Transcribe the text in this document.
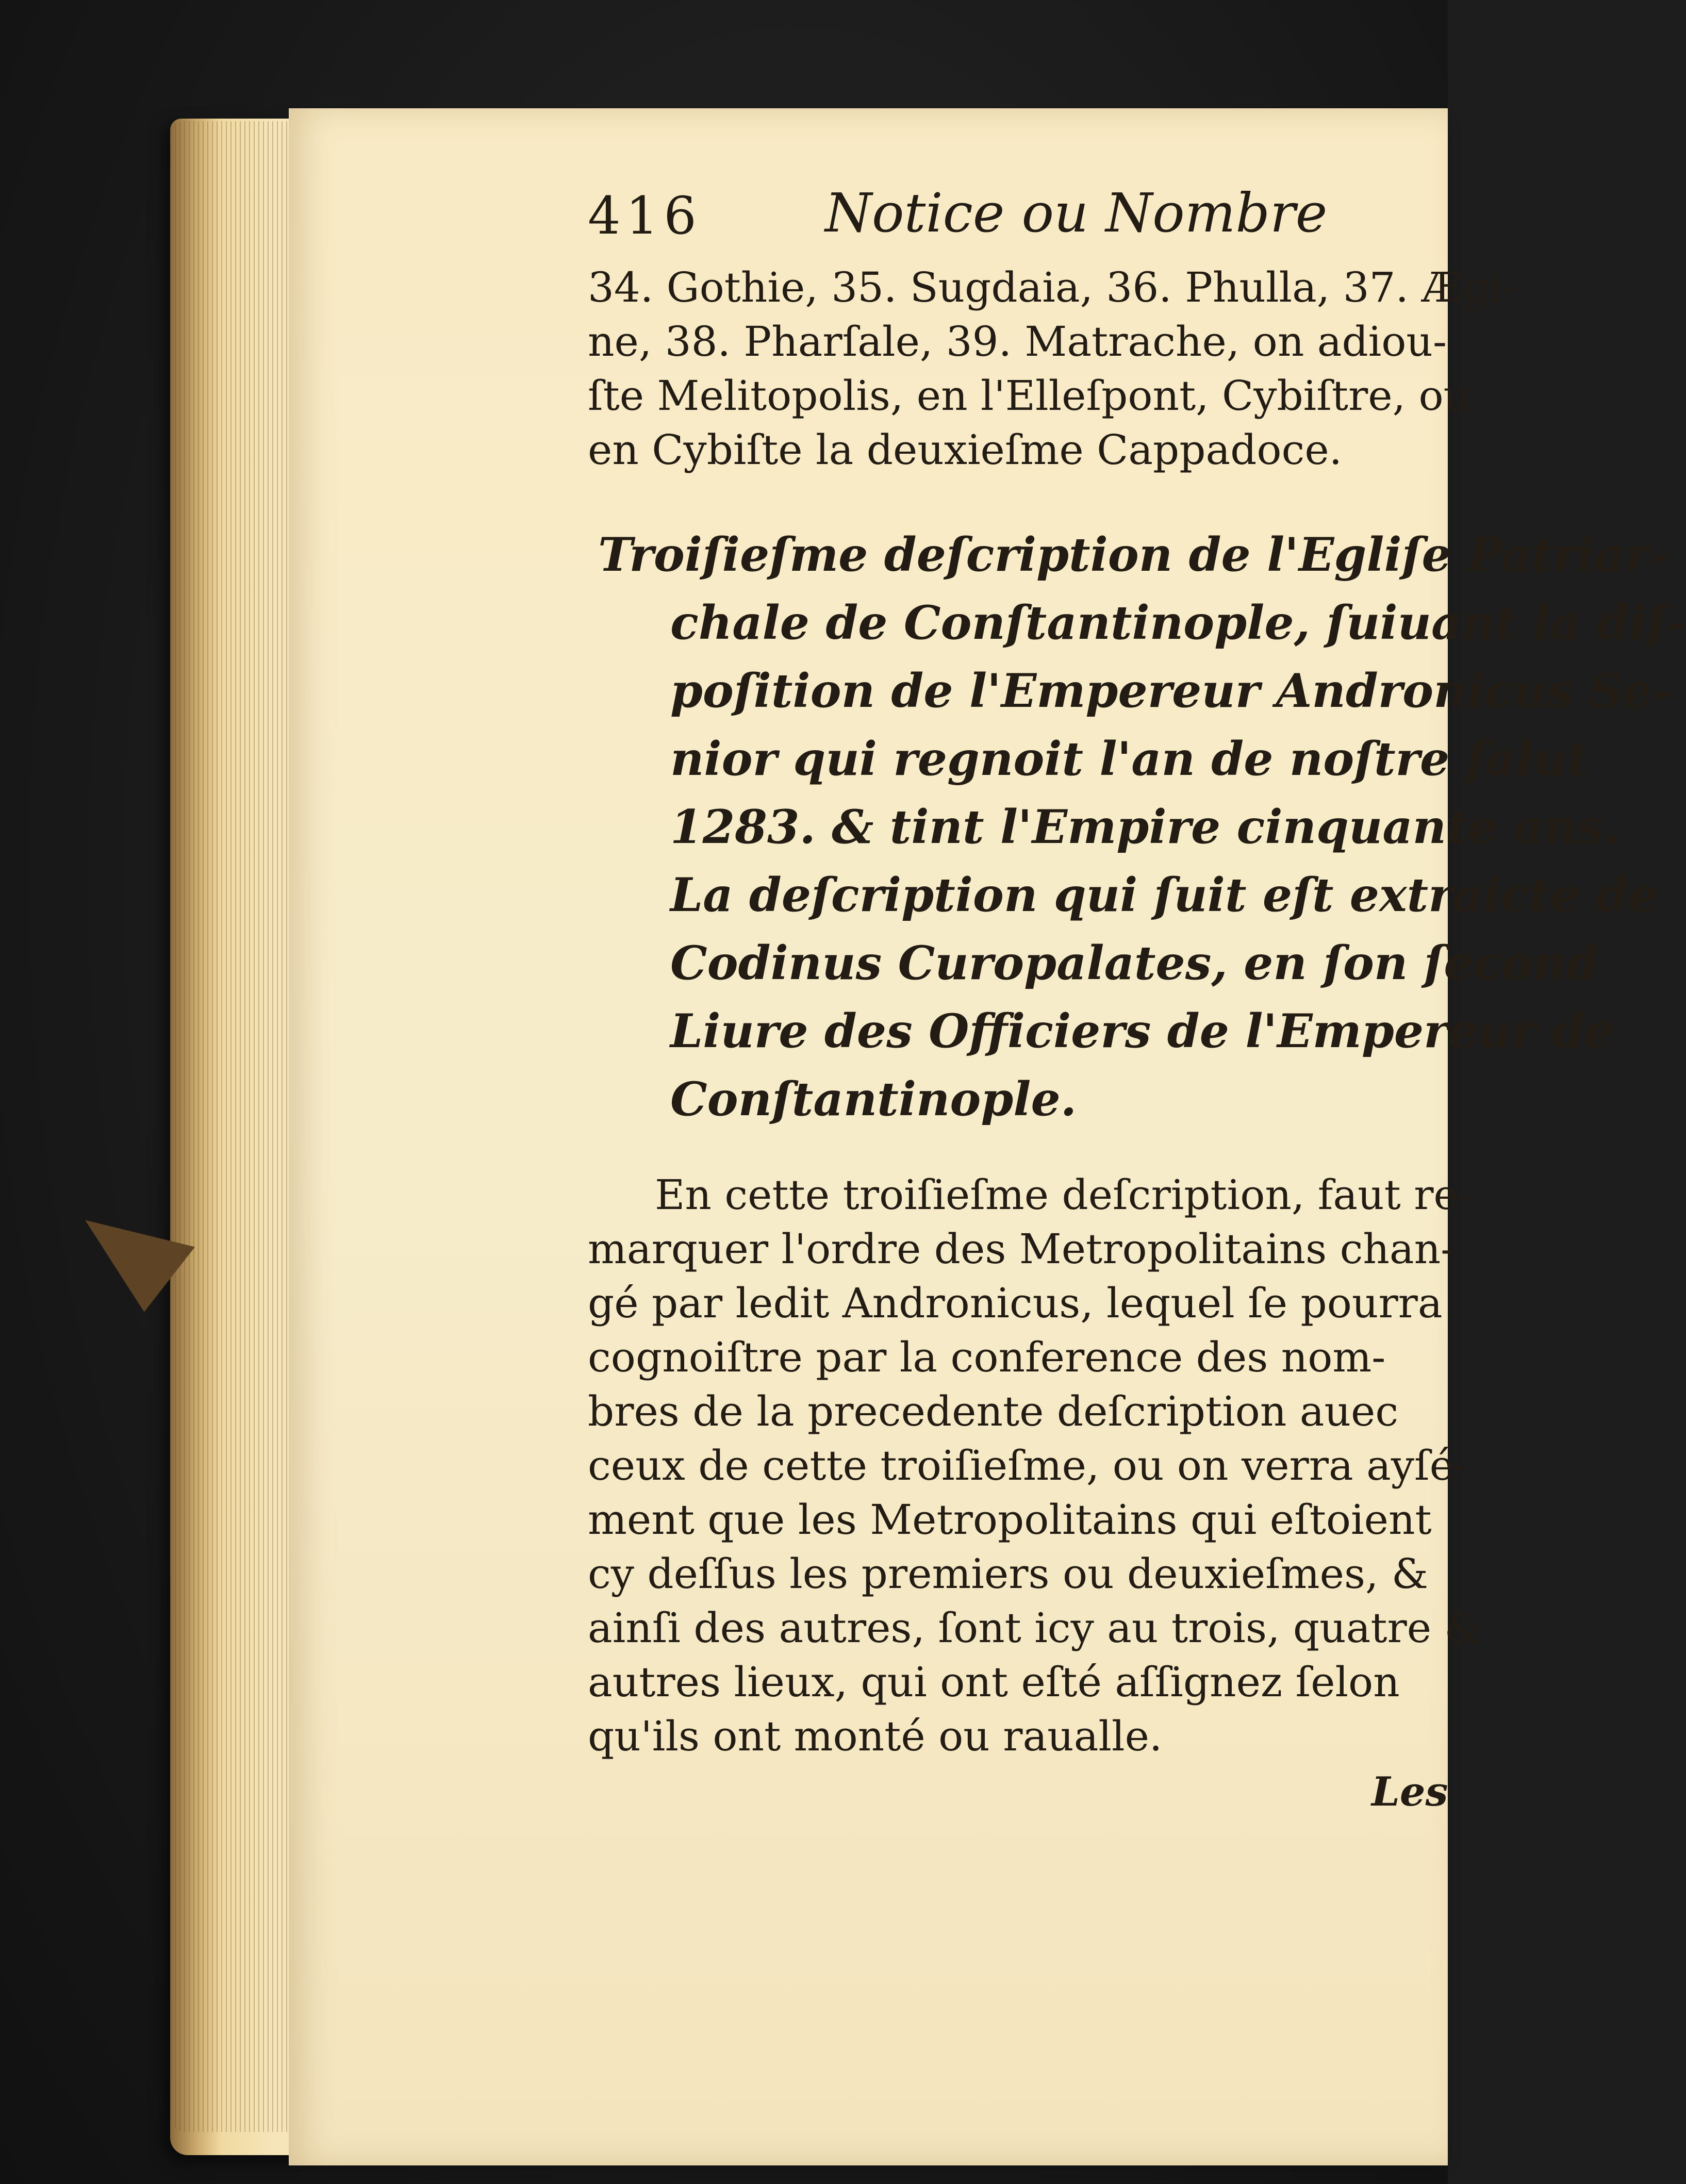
416 Notice ou Nombre
34. Gothie, 35. Sugdaia, 36. Phulla, 37. Ægi-
ne, 38. Pharſale, 39. Matrache, on adiou-
ſte Melitopolis, en l'Elleſpont, Cybiſtre, ou
en Cybiſte la deuxieſme Cappadoce.
Troiſieſme deſcription de l'Egliſe Patriar-
chale de Conſtantinople, ſuiuant la diſ-
poſition de l'Empereur Andronicus Se-
nior qui regnoit l'an de noſtre ſalut
1283. & tint l'Empire cinquante ans.
La deſcription qui ſuit eſt extraicte de
Codinus Curopalates, en ſon ſecond
Liure des Officiers de l'Empereur de
Conſtantinople.
En cette troiſieſme deſcription, faut re-
marquer l'ordre des Metropolitains chan-
gé par ledit Andronicus, lequel ſe pourra
cognoiſtre par la conference des nom-
bres de la precedente deſcription auec
ceux de cette troiſieſme, ou on verra ayſé-
ment que les Metropolitains qui eſtoient
cy deſſus les premiers ou deuxieſmes, &
ainſi des autres, ſont icy au trois, quatre &
autres lieux, qui ont eſté aſſignez ſelon
qu'ils ont monté ou raualle.
Les
